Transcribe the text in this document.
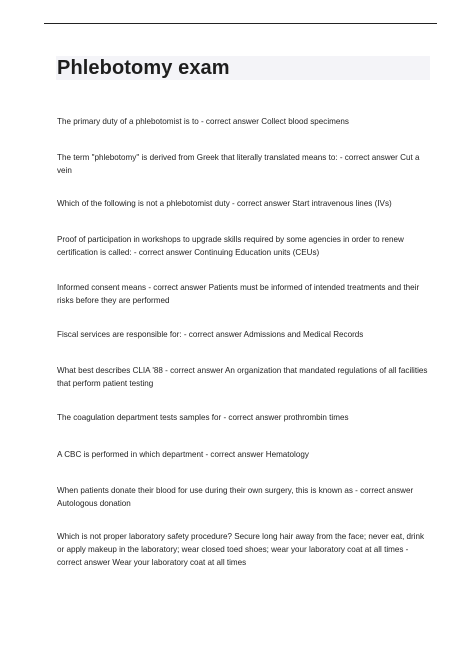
Phlebotomy exam

The primary duty of a phlebotomist is to - correct answer Collect blood specimens

The term "phlebotomy" is derived from Greek that literally translated means to: - correct answer Cut a vein

Which of the following is not a phlebotomist duty - correct answer Start intravenous lines (IVs)

Proof of participation in workshops to upgrade skills required by some agencies in order to renew certification is called: - correct answer Continuing Education units (CEUs)

Informed consent means - correct answer Patients must be informed of intended treatments and their risks before they are performed

Fiscal services are responsible for: - correct answer Admissions and Medical Records

What best describes CLIA '88 - correct answer An organization that mandated regulations of all facilities that perform patient testing

The coagulation department tests samples for - correct answer prothrombin times

A CBC is performed in which department - correct answer Hematology

When patients donate their blood for use during their own surgery, this is known as - correct answer Autologous donation

Which is not proper laboratory safety procedure? Secure long hair away from the face; never eat, drink or apply makeup in the laboratory; wear closed toed shoes; wear your laboratory coat at all times - correct answer Wear your laboratory coat at all times
